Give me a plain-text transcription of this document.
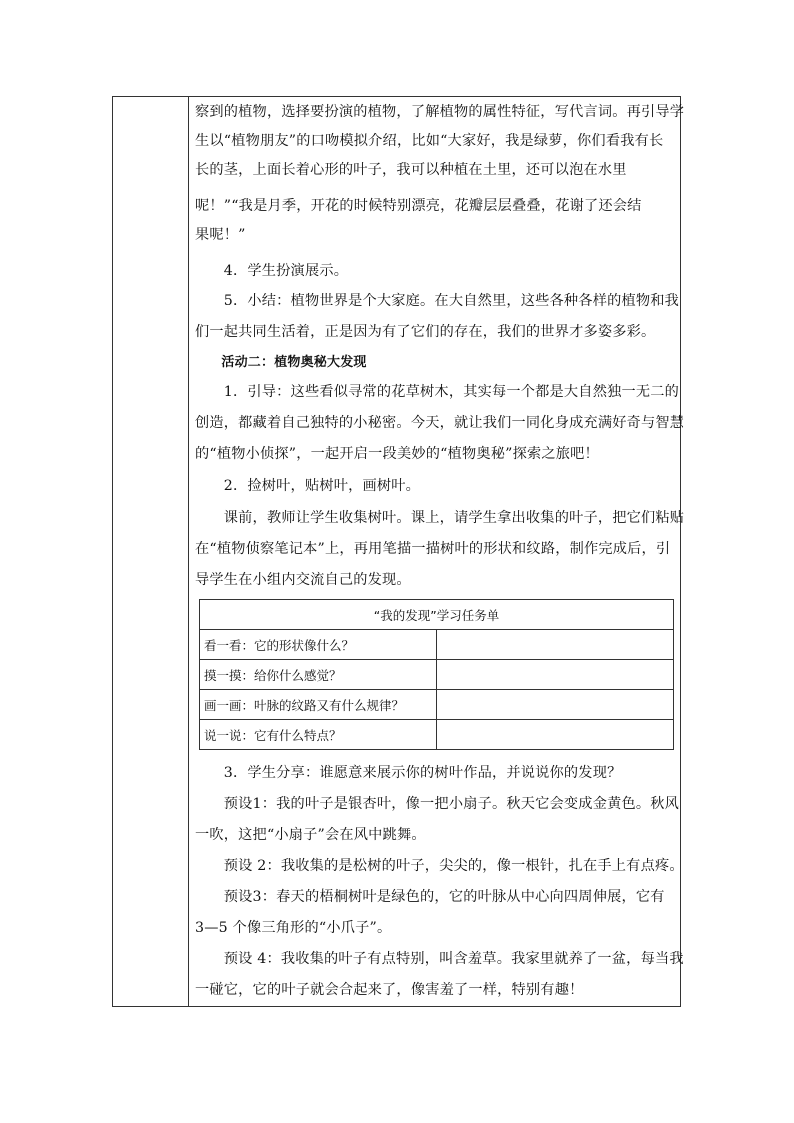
察到的植物，选择要扮演的植物，了解植物的属性特征，写代言词。再引导学

生以“植物朋友”的口吻模拟介绍，比如“大家好，我是绿萝，你们看我有长

长的茎，上面长着心形的叶子，我可以种植在土里，还可以泡在水里

呢！”“我是月季，开花的时候特别漂亮，花瓣层层叠叠，花谢了还会结

果呢！”

　　4．学生扮演展示。

　　5．小结：植物世界是个大家庭。在大自然里，这些各种各样的植物和我

们一起共同生活着，正是因为有了它们的存在，我们的世界才多姿多彩。

　　活动二：植物奥秘大发现

　　1．引导：这些看似寻常的花草树木，其实每一个都是大自然独一无二的

创造，都藏着自己独特的小秘密。今天，就让我们一同化身成充满好奇与智慧

的“植物小侦探”，一起开启一段美妙的“植物奥秘”探索之旅吧！

　　2．捡树叶，贴树叶，画树叶。

　　课前，教师让学生收集树叶。课上，请学生拿出收集的叶子，把它们粘贴

在“植物侦察笔记本”上，再用笔描一描树叶的形状和纹路，制作完成后，引

导学生在小组内交流自己的发现。

“我的发现”学习任务单	
看一看：它的形状像什么？	
摸一摸：给你什么感觉？	
画一画：叶脉的纹路又有什么规律？	
说一说：它有什么特点？	

　　3．学生分享：谁愿意来展示你的树叶作品，并说说你的发现？

　　预设1：我的叶子是银杏叶，像一把小扇子。秋天它会变成金黄色。秋风

一吹，这把“小扇子”会在风中跳舞。

　　预设 2：我收集的是松树的叶子，尖尖的，像一根针，扎在手上有点疼。

　　预设3：春天的梧桐树叶是绿色的，它的叶脉从中心向四周伸展，它有

3—5 个像三角形的“小爪子”。

　　预设 4：我收集的叶子有点特别，叫含羞草。我家里就养了一盆，每当我

一碰它，它的叶子就会合起来了，像害羞了一样，特别有趣！
